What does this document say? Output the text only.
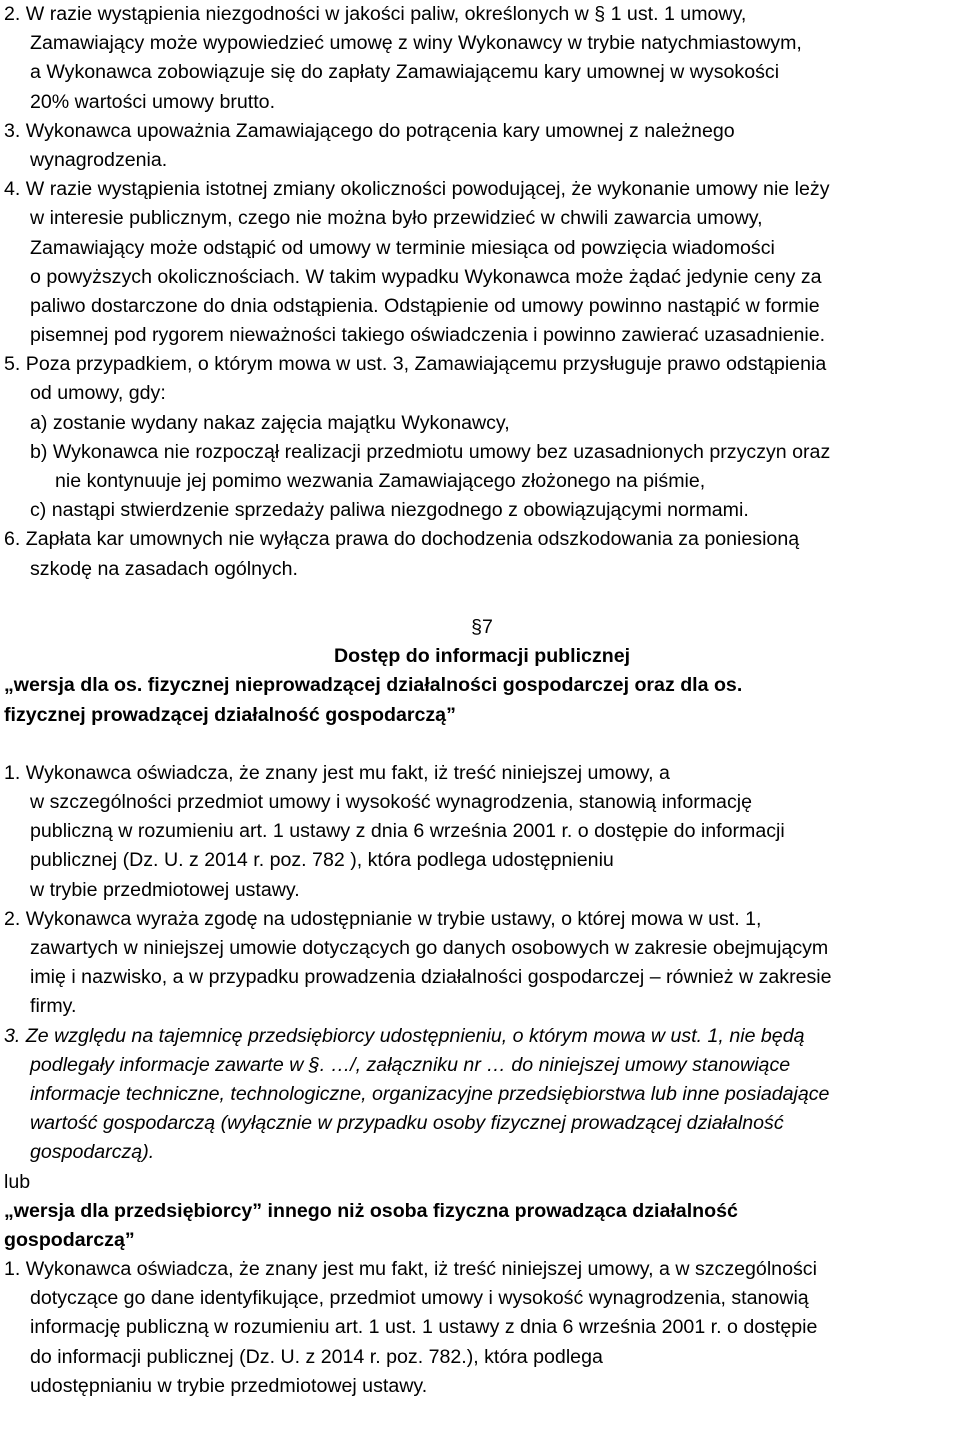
2. W razie wystąpienia niezgodności w jakości paliw, określonych w § 1 ust. 1 umowy,
Zamawiający może wypowiedzieć umowę z winy Wykonawcy w trybie natychmiastowym,
a Wykonawca zobowiązuje się do zapłaty Zamawiającemu kary umownej w wysokości
20% wartości umowy brutto.
3. Wykonawca upoważnia Zamawiającego do potrącenia kary umownej z należnego
wynagrodzenia.
4. W razie wystąpienia istotnej zmiany okoliczności powodującej, że wykonanie umowy nie leży
w interesie publicznym, czego nie można było przewidzieć w chwili zawarcia umowy,
Zamawiający może odstąpić od umowy w terminie miesiąca od powzięcia wiadomości
o powyższych okolicznościach. W takim wypadku Wykonawca może żądać jedynie ceny za
paliwo dostarczone do dnia odstąpienia. Odstąpienie od umowy powinno nastąpić w formie
pisemnej pod rygorem nieważności takiego oświadczenia i powinno zawierać uzasadnienie.
5. Poza przypadkiem, o którym mowa w ust. 3, Zamawiającemu przysługuje prawo odstąpienia
od umowy, gdy:
a) zostanie wydany nakaz zajęcia majątku Wykonawcy,
b) Wykonawca nie rozpoczął realizacji przedmiotu umowy bez uzasadnionych przyczyn oraz
nie kontynuuje jej pomimo wezwania Zamawiającego złożonego na piśmie,
c) nastąpi stwierdzenie sprzedaży paliwa niezgodnego z obowiązującymi normami.
6. Zapłata kar umownych nie wyłącza prawa do dochodzenia odszkodowania za poniesioną
szkodę na zasadach ogólnych.
§7
Dostęp do informacji publicznej
„wersja dla os. fizycznej nieprowadzącej działalności gospodarczej oraz dla os.
fizycznej prowadzącej działalność gospodarczą”
1. Wykonawca oświadcza, że znany jest mu fakt, iż treść niniejszej umowy, a
w szczególności przedmiot umowy i wysokość wynagrodzenia, stanowią informację
publiczną w rozumieniu art. 1 ustawy z dnia 6 września 2001 r. o dostępie do informacji
publicznej (Dz. U. z 2014 r. poz. 782 ), która podlega udostępnieniu
w trybie przedmiotowej ustawy.
2. Wykonawca wyraża zgodę na udostępnianie w trybie ustawy, o której mowa w ust. 1,
zawartych w niniejszej umowie dotyczących go danych osobowych w zakresie obejmującym
imię i nazwisko, a w przypadku prowadzenia działalności gospodarczej – również w zakresie
firmy.
3. Ze względu na tajemnicę przedsiębiorcy udostępnieniu, o którym mowa w ust. 1, nie będą
podlegały informacje zawarte w §. …/, załączniku nr … do niniejszej umowy stanowiące
informacje techniczne, technologiczne, organizacyjne przedsiębiorstwa lub inne posiadające
wartość gospodarczą (wyłącznie w przypadku osoby fizycznej prowadzącej działalność
gospodarczą).
lub
„wersja dla przedsiębiorcy” innego niż osoba fizyczna prowadząca działalność
gospodarczą”
1. Wykonawca oświadcza, że znany jest mu fakt, iż treść niniejszej umowy, a w szczególności
dotyczące go dane identyfikujące, przedmiot umowy i wysokość wynagrodzenia, stanowią
informację publiczną w rozumieniu art. 1 ust. 1 ustawy z dnia 6 września 2001 r. o dostępie
do informacji publicznej (Dz. U. z 2014 r. poz. 782.), która podlega
udostępnianiu w trybie przedmiotowej ustawy.
